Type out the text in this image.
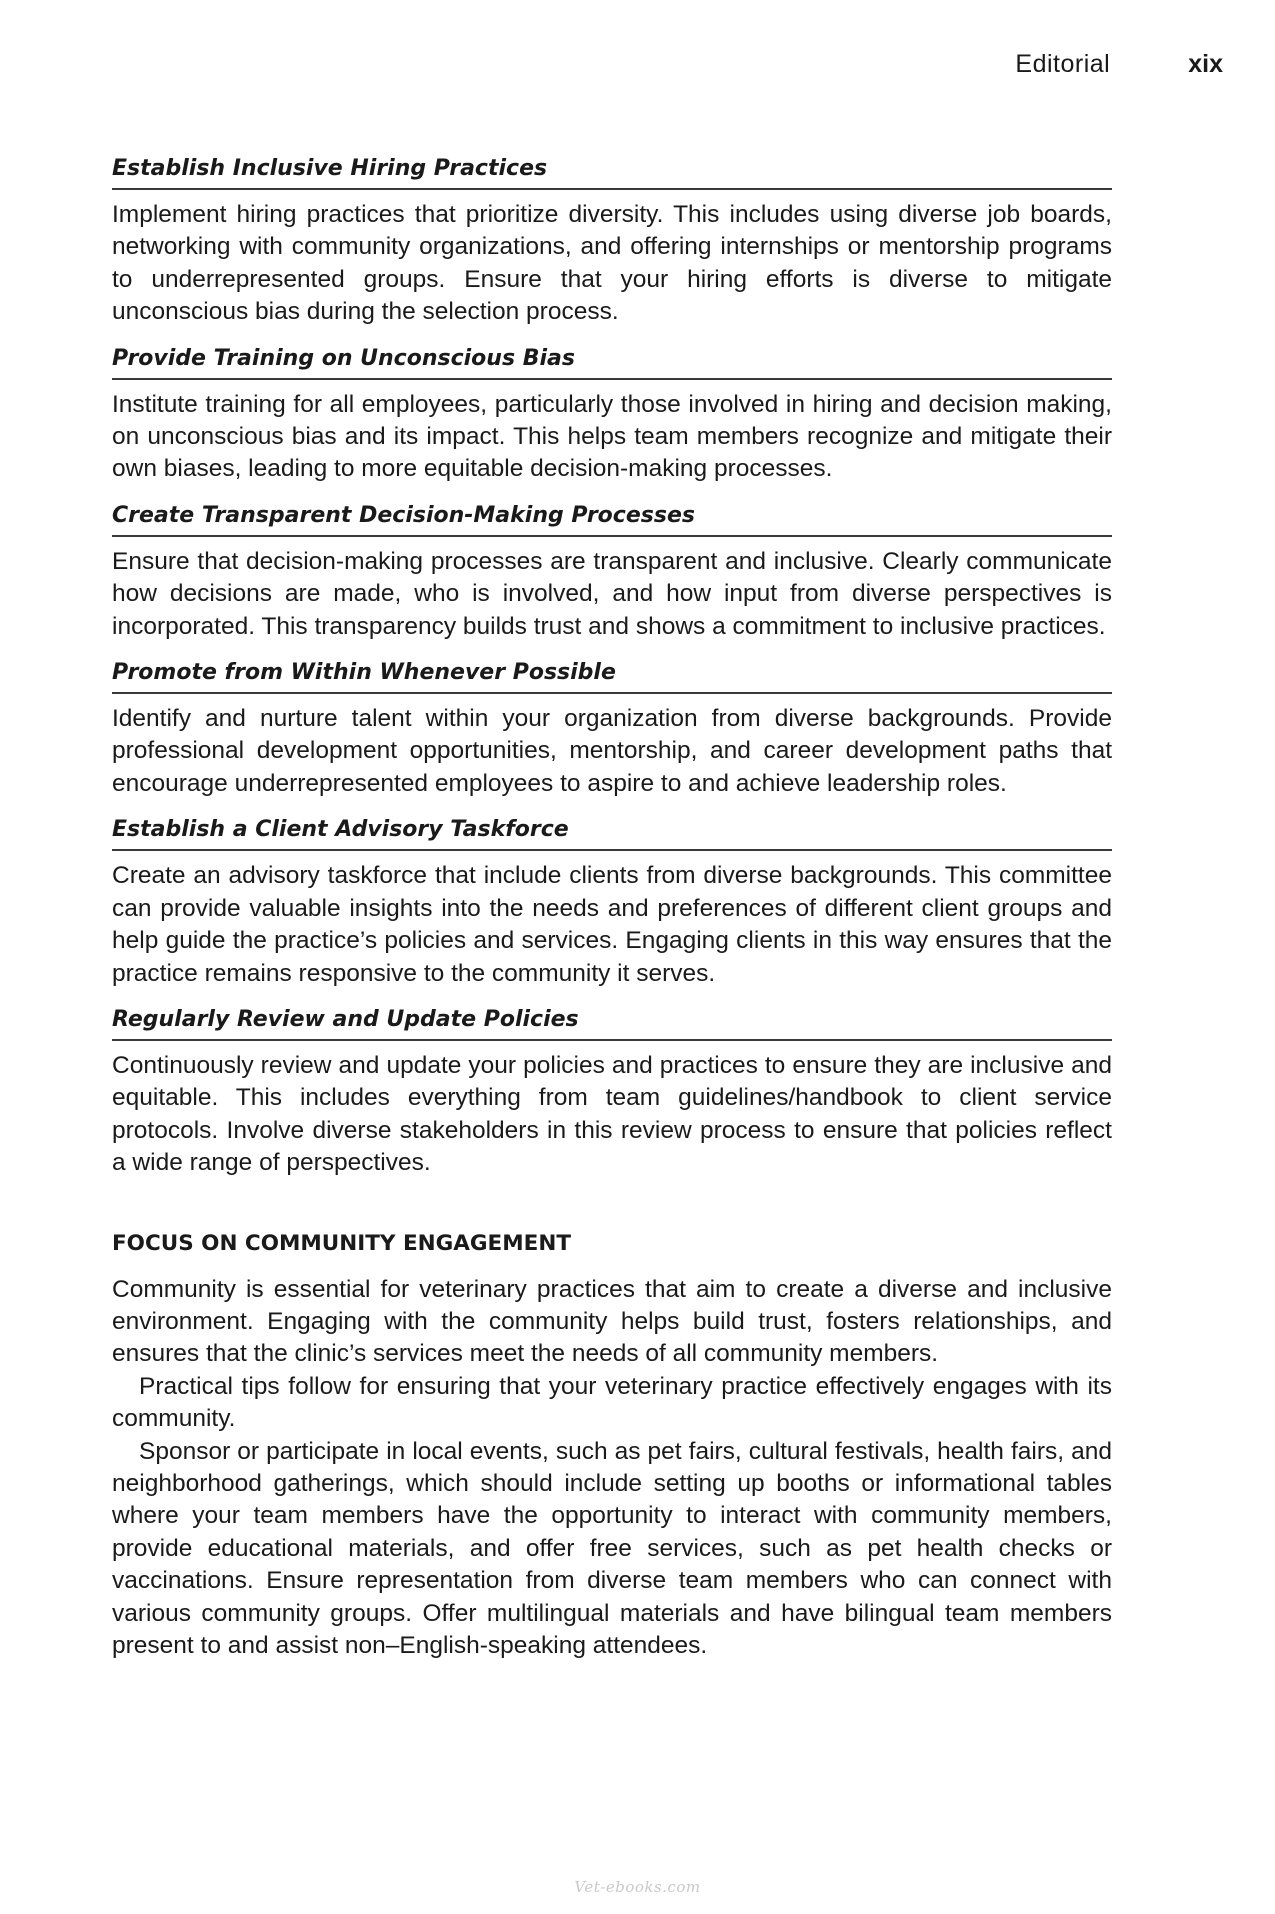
Editorial	xix
Establish Inclusive Hiring Practices

Implement hiring practices that prioritize diversity. This includes using diverse job boards, networking with community organizations, and offering internships or mentorship programs to underrepresented groups. Ensure that your hiring efforts is diverse to mitigate unconscious bias during the selection process.

Provide Training on Unconscious Bias

Institute training for all employees, particularly those involved in hiring and decision making, on unconscious bias and its impact. This helps team members recognize and mitigate their own biases, leading to more equitable decision-making processes.

Create Transparent Decision-Making Processes

Ensure that decision-making processes are transparent and inclusive. Clearly communicate how decisions are made, who is involved, and how input from diverse perspectives is incorporated. This transparency builds trust and shows a commitment to inclusive practices.

Promote from Within Whenever Possible

Identify and nurture talent within your organization from diverse backgrounds. Provide professional development opportunities, mentorship, and career development paths that encourage underrepresented employees to aspire to and achieve leadership roles.

Establish a Client Advisory Taskforce

Create an advisory taskforce that include clients from diverse backgrounds. This committee can provide valuable insights into the needs and preferences of different client groups and help guide the practice’s policies and services. Engaging clients in this way ensures that the practice remains responsive to the community it serves.

Regularly Review and Update Policies

Continuously review and update your policies and practices to ensure they are inclusive and equitable. This includes everything from team guidelines/handbook to client service protocols. Involve diverse stakeholders in this review process to ensure that policies reflect a wide range of perspectives.

FOCUS ON COMMUNITY ENGAGEMENT

Community is essential for veterinary practices that aim to create a diverse and inclusive environment. Engaging with the community helps build trust, fosters relationships, and ensures that the clinic’s services meet the needs of all community members.

Practical tips follow for ensuring that your veterinary practice effectively engages with its community.

Sponsor or participate in local events, such as pet fairs, cultural festivals, health fairs, and neighborhood gatherings, which should include setting up booths or informational tables where your team members have the opportunity to interact with community members, provide educational materials, and offer free services, such as pet health checks or vaccinations. Ensure representation from diverse team members who can connect with various community groups. Offer multilingual materials and have bilingual team members present to and assist non–English-speaking attendees.

Vet-ebooks.com
